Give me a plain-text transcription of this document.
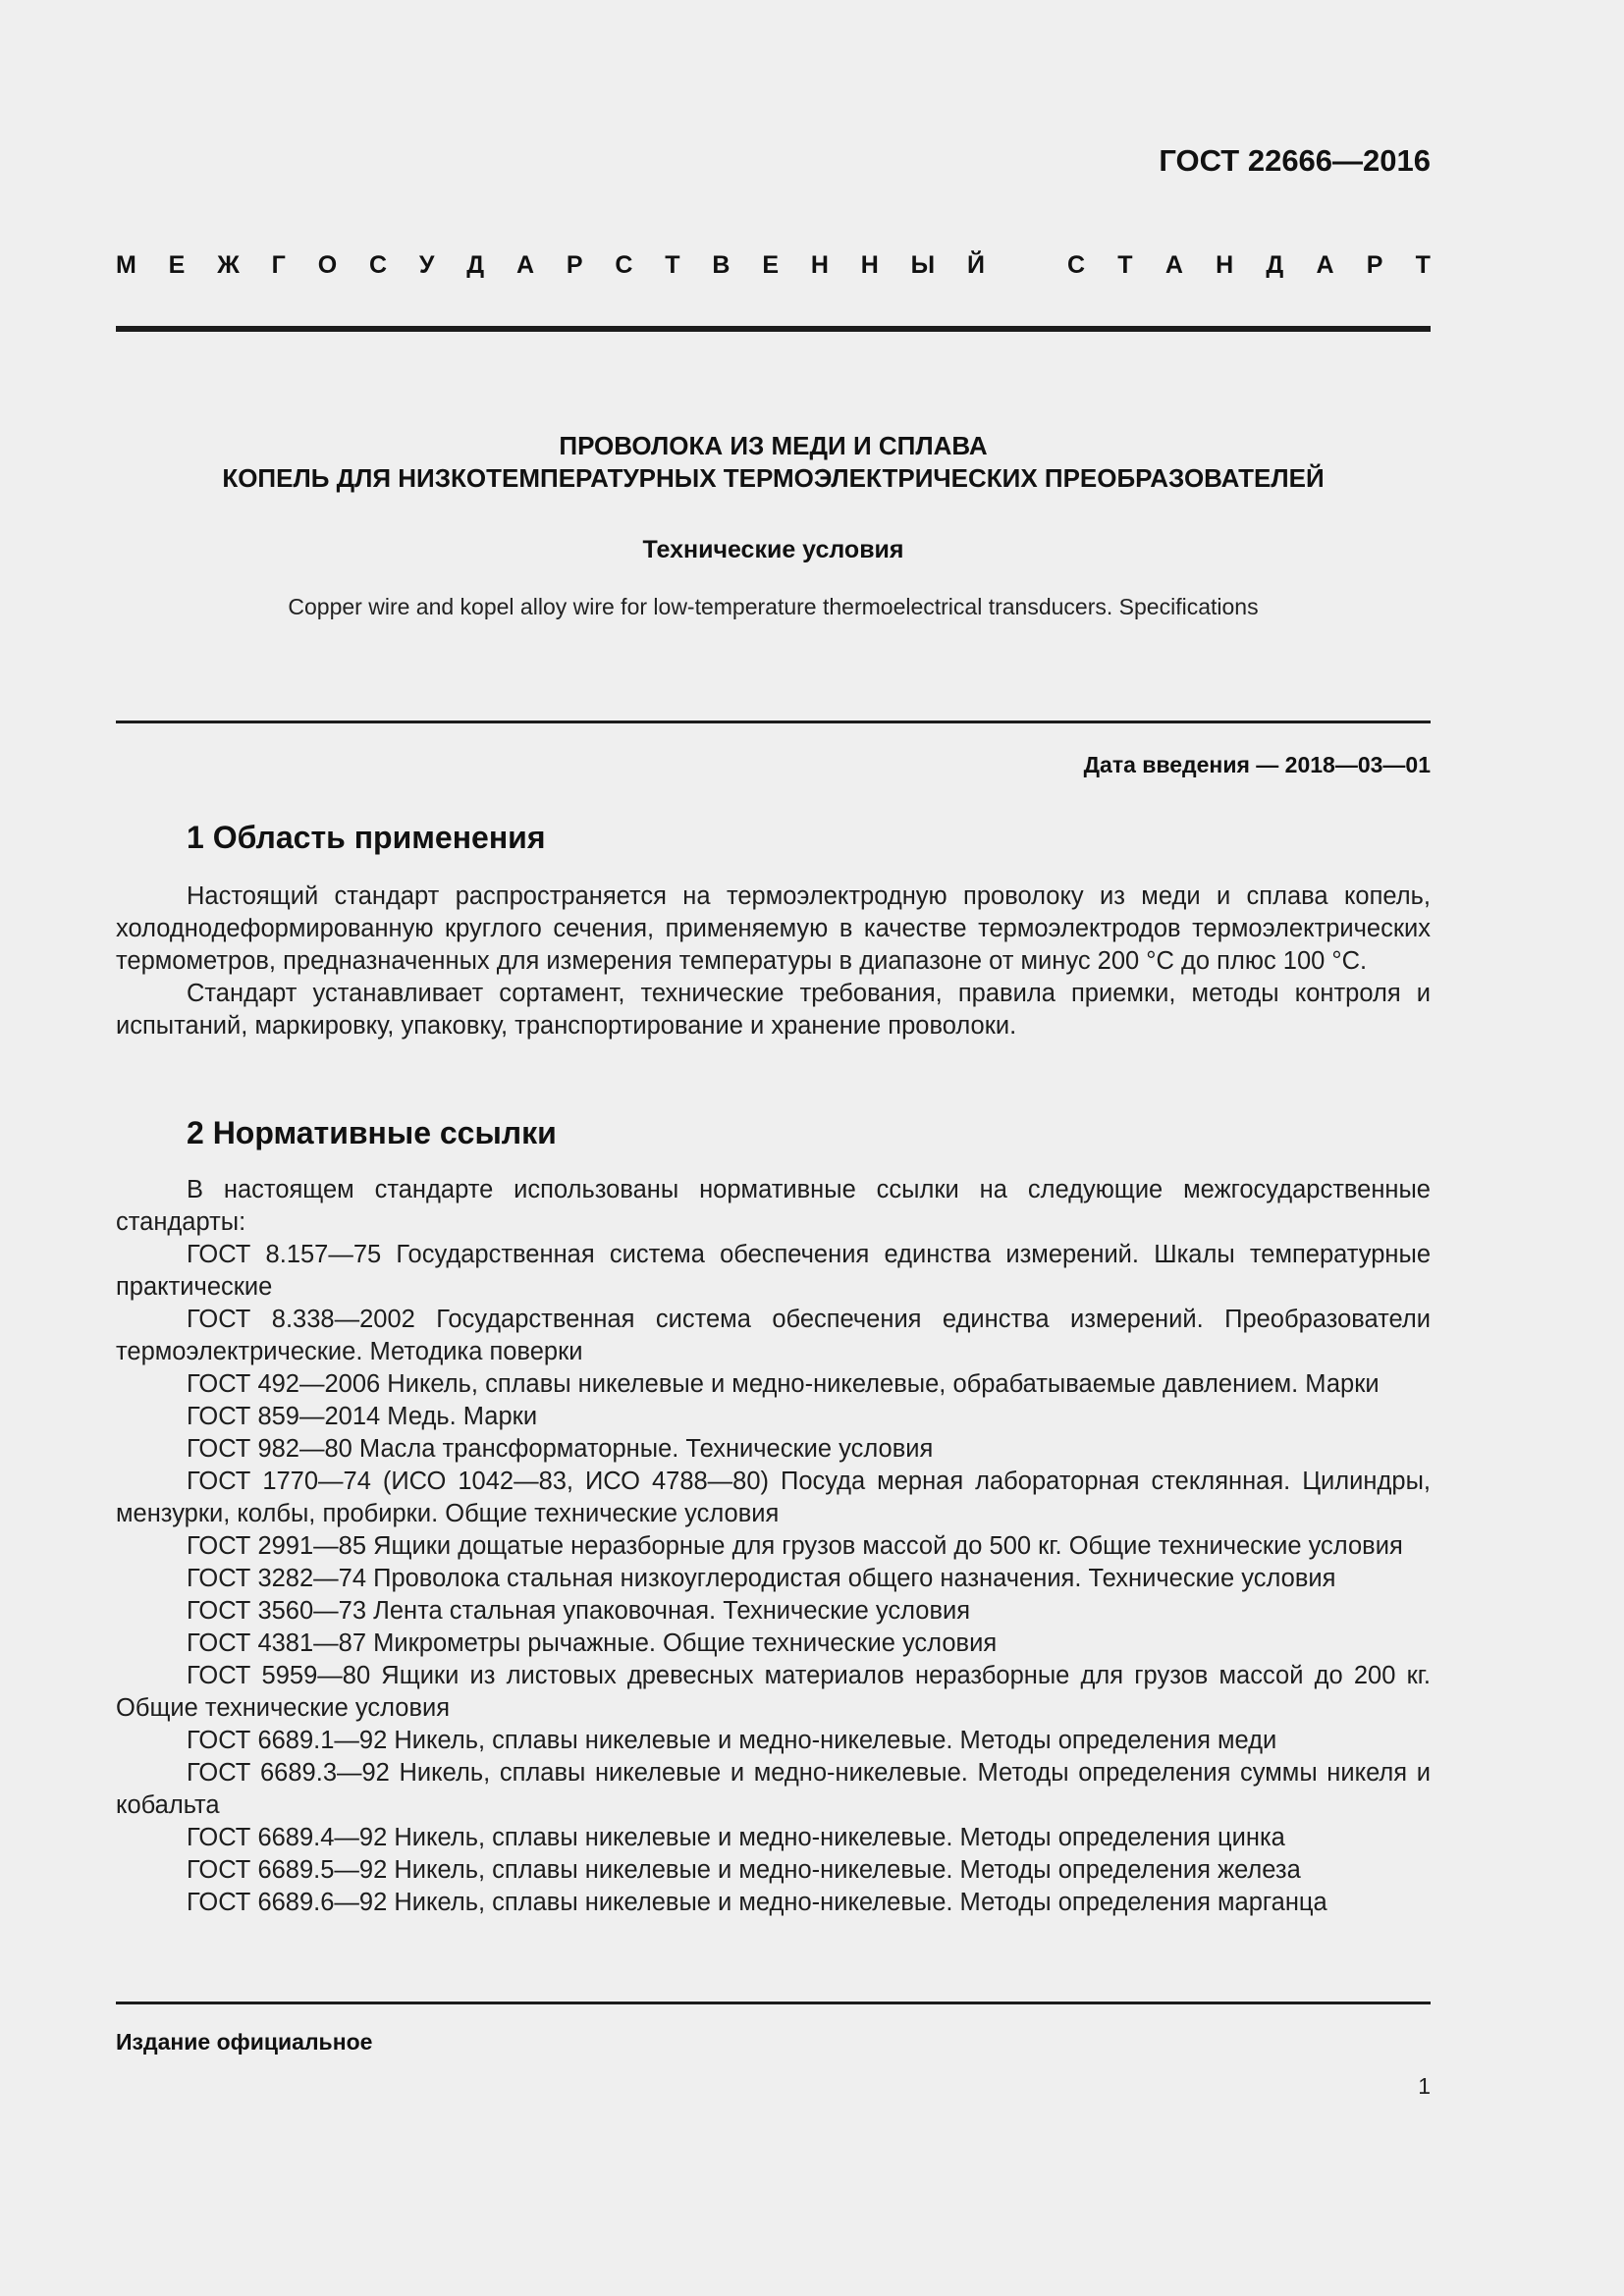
ГОСТ 22666—2016
М Е Ж Г О С У Д А Р С Т В Е Н Н Ы Й	С Т А Н Д А Р Т
ПРОВОЛОКА ИЗ МЕДИ И СПЛАВА
КОПЕЛЬ ДЛЯ НИЗКОТЕМПЕРАТУРНЫХ ТЕРМОЭЛЕКТРИЧЕСКИХ ПРЕОБРАЗОВАТЕЛЕЙ
Технические условия
Copper wire and kopel alloy wire for low-temperature thermoelectrical transducers. Specifications
Дата введения — 2018—03—01
1 Область применения

Настоящий стандарт распространяется на термоэлектродную проволоку из меди и сплава копель, холоднодеформированную круглого сечения, применяемую в качестве термоэлектродов термоэлектрических термометров, предназначенных для измерения температуры в диапазоне от минус 200 °С до плюс 100 °С.

Стандарт устанавливает сортамент, технические требования, правила приемки, методы контроля и испытаний, маркировку, упаковку, транспортирование и хранение проволоки.

2 Нормативные ссылки

В настоящем стандарте использованы нормативные ссылки на следующие межгосударственные стандарты:

ГОСТ 8.157—75 Государственная система обеспечения единства измерений. Шкалы температурные практические

ГОСТ 8.338—2002 Государственная система обеспечения единства измерений. Преобразователи термоэлектрические. Методика поверки

ГОСТ 492—2006 Никель, сплавы никелевые и медно-никелевые, обрабатываемые давлением. Марки

ГОСТ 859—2014 Медь. Марки

ГОСТ 982—80 Масла трансформаторные. Технические условия

ГОСТ 1770—74 (ИСО 1042—83, ИСО 4788—80) Посуда мерная лабораторная стеклянная. Цилиндры, мензурки, колбы, пробирки. Общие технические условия

ГОСТ 2991—85 Ящики дощатые неразборные для грузов массой до 500 кг. Общие технические условия

ГОСТ 3282—74 Проволока стальная низкоуглеродистая общего назначения. Технические условия

ГОСТ 3560—73 Лента стальная упаковочная. Технические условия

ГОСТ 4381—87 Микрометры рычажные. Общие технические условия

ГОСТ 5959—80 Ящики из листовых древесных материалов неразборные для грузов массой до 200 кг. Общие технические условия

ГОСТ 6689.1—92 Никель, сплавы никелевые и медно-никелевые. Методы определения меди

ГОСТ 6689.3—92 Никель, сплавы никелевые и медно-никелевые. Методы определения суммы никеля и кобальта

ГОСТ 6689.4—92 Никель, сплавы никелевые и медно-никелевые. Методы определения цинка

ГОСТ 6689.5—92 Никель, сплавы никелевые и медно-никелевые. Методы определения железа

ГОСТ 6689.6—92 Никель, сплавы никелевые и медно-никелевые. Методы определения марганца

Издание официальное
1
